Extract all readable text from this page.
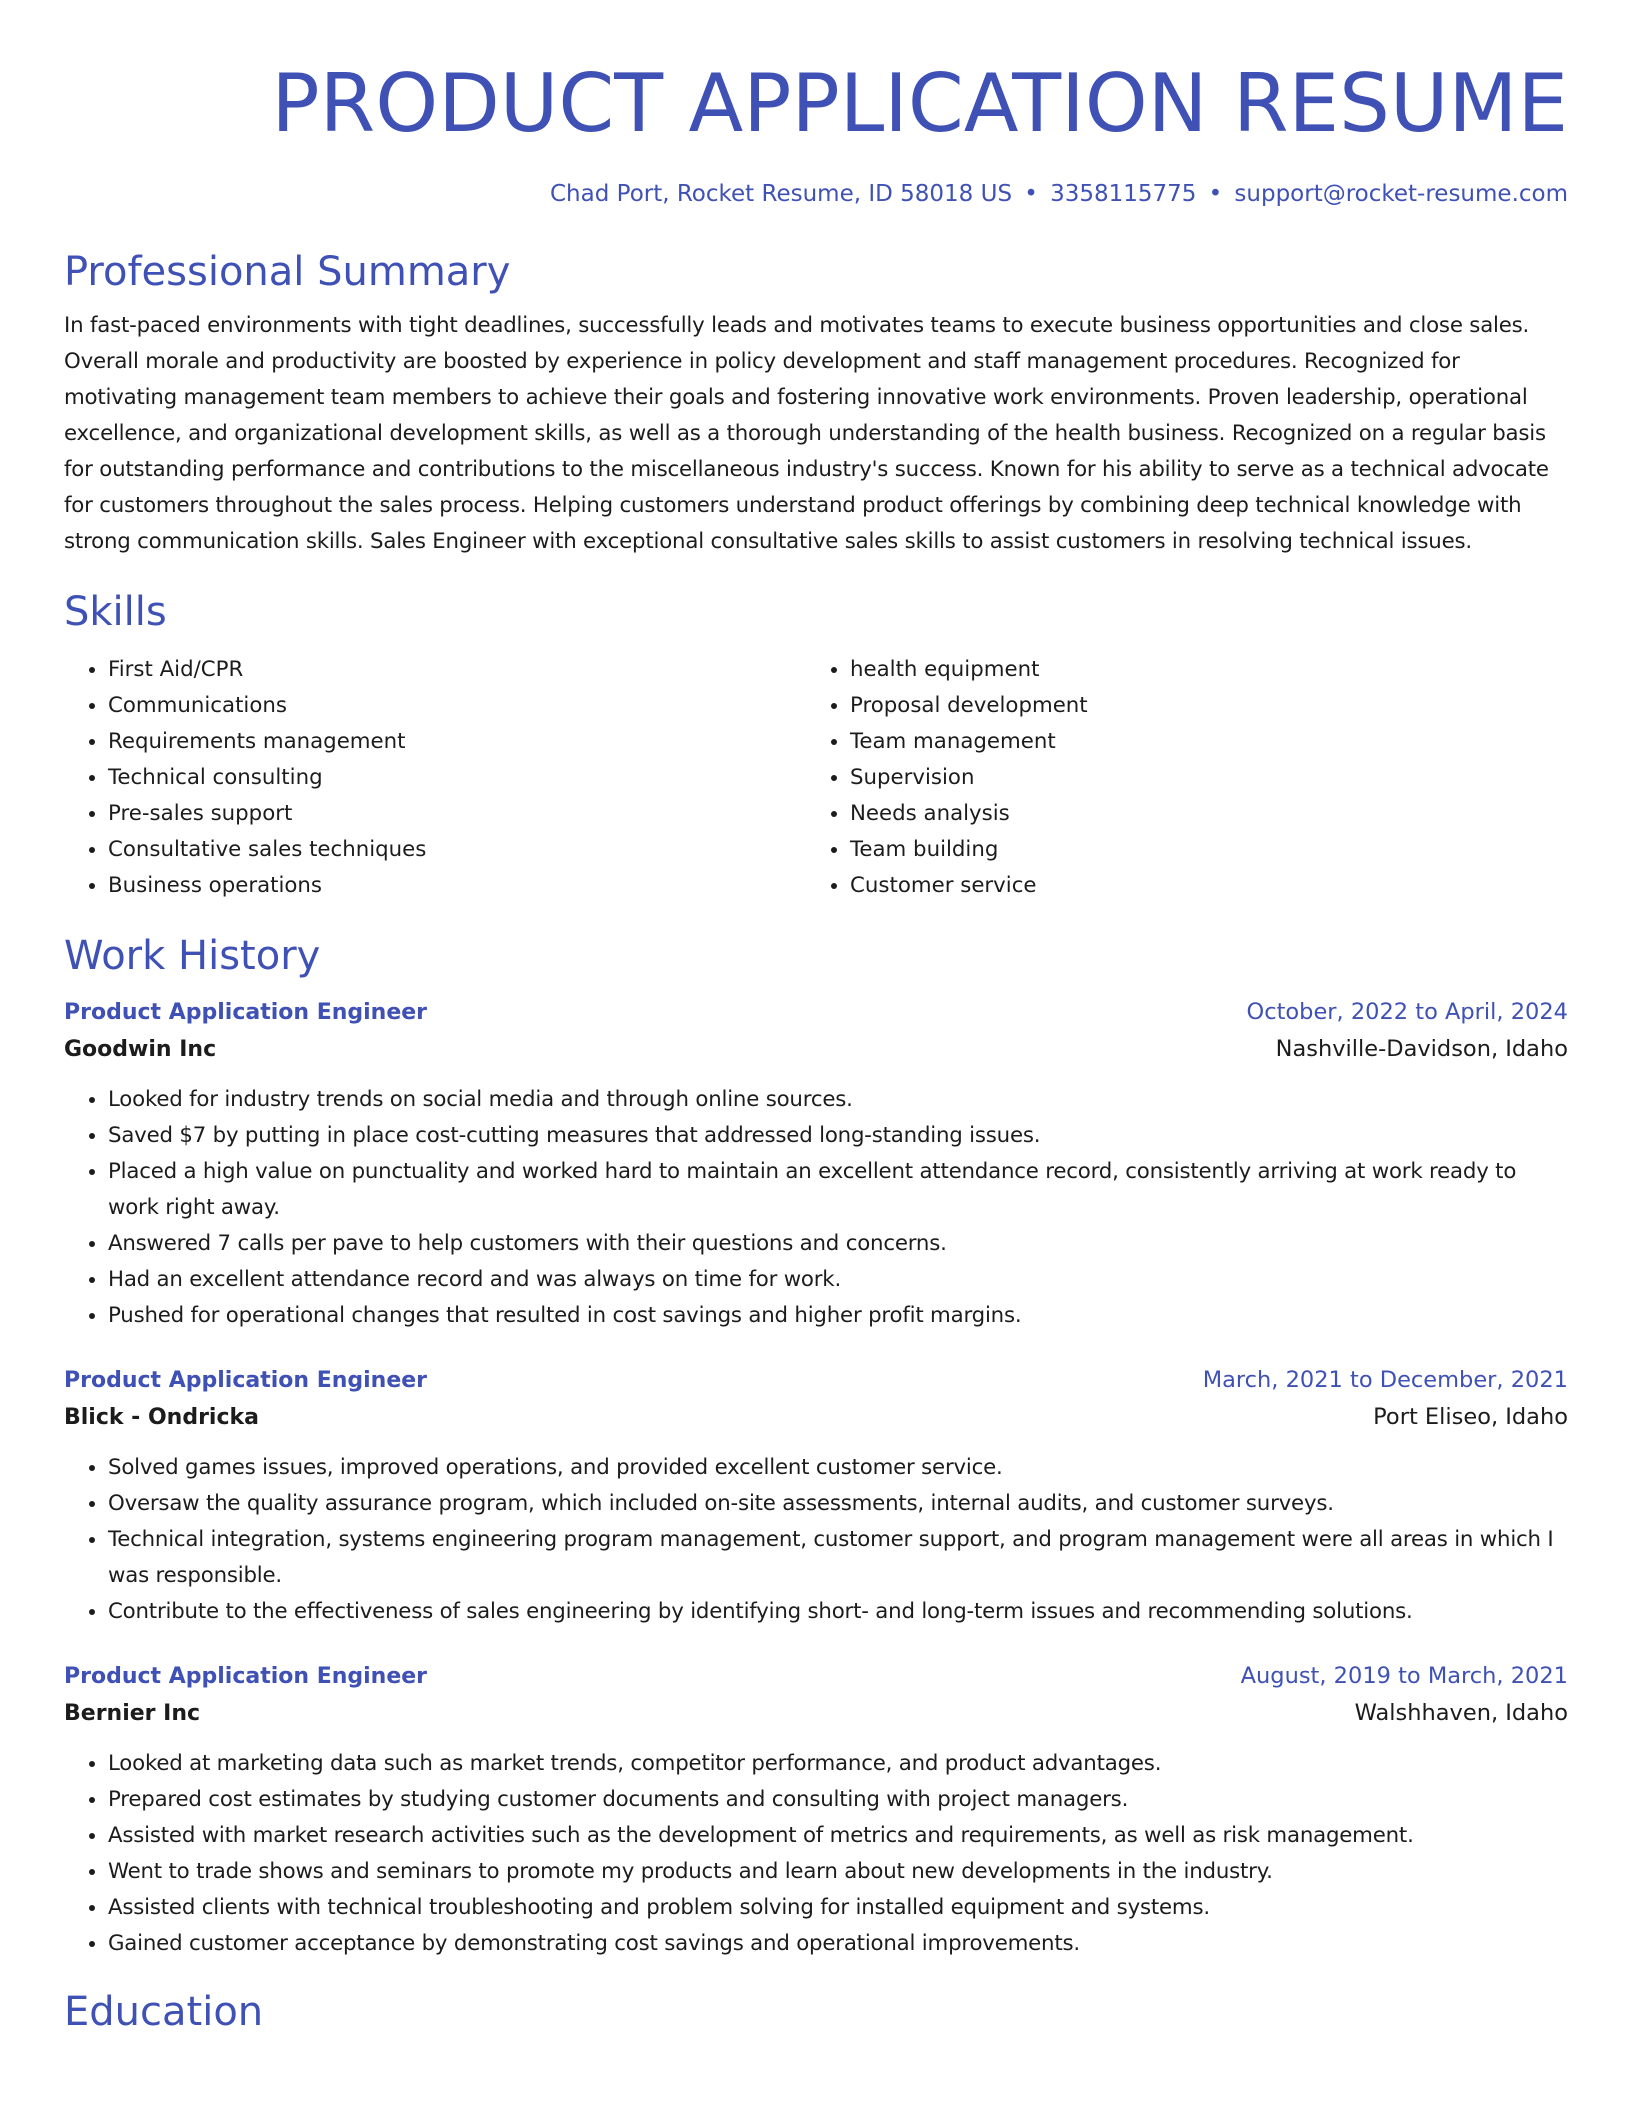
PRODUCT APPLICATION RESUME
Chad Port, Rocket Resume, ID 58018 US • 3358115775 • support@rocket-resume.com
Professional Summary

In fast-paced environments with tight deadlines, successfully leads and motivates teams to execute business opportunities and close sales. Overall morale and productivity are boosted by experience in policy development and staff management procedures. Recognized for motivating management team members to achieve their goals and fostering innovative work environments. Proven leadership, operational excellence, and organizational development skills, as well as a thorough understanding of the health business. Recognized on a regular basis for outstanding performance and contributions to the miscellaneous industry's success. Known for his ability to serve as a technical advocate for customers throughout the sales process. Helping customers understand product offerings by combining deep technical knowledge with strong communication skills. Sales Engineer with exceptional consultative sales skills to assist customers in resolving technical issues.

Skills
• First Aid/CPR
• Communications
• Requirements management
• Technical consulting
• Pre-sales support
• Consultative sales techniques
• Business operations
• health equipment
• Proposal development
• Team management
• Supervision
• Needs analysis
• Team building
• Customer service
Work History
Product Application Engineer	October, 2022 to April, 2024
Goodwin Inc	Nashville-Davidson, Idaho
• Looked for industry trends on social media and through online sources.
• Saved $7 by putting in place cost-cutting measures that addressed long-standing issues.
• Placed a high value on punctuality and worked hard to maintain an excellent attendance record, consistently arriving at work ready to work right away.
• Answered 7 calls per pave to help customers with their questions and concerns.
• Had an excellent attendance record and was always on time for work.
• Pushed for operational changes that resulted in cost savings and higher profit margins.
Product Application Engineer	March, 2021 to December, 2021
Blick - Ondricka	Port Eliseo, Idaho
• Solved games issues, improved operations, and provided excellent customer service.
• Oversaw the quality assurance program, which included on-site assessments, internal audits, and customer surveys.
• Technical integration, systems engineering program management, customer support, and program management were all areas in which I was responsible.
• Contribute to the effectiveness of sales engineering by identifying short- and long-term issues and recommending solutions.
Product Application Engineer	August, 2019 to March, 2021
Bernier Inc	Walshhaven, Idaho
• Looked at marketing data such as market trends, competitor performance, and product advantages.
• Prepared cost estimates by studying customer documents and consulting with project managers.
• Assisted with market research activities such as the development of metrics and requirements, as well as risk management.
• Went to trade shows and seminars to promote my products and learn about new developments in the industry.
• Assisted clients with technical troubleshooting and problem solving for installed equipment and systems.
• Gained customer acceptance by demonstrating cost savings and operational improvements.
Education
